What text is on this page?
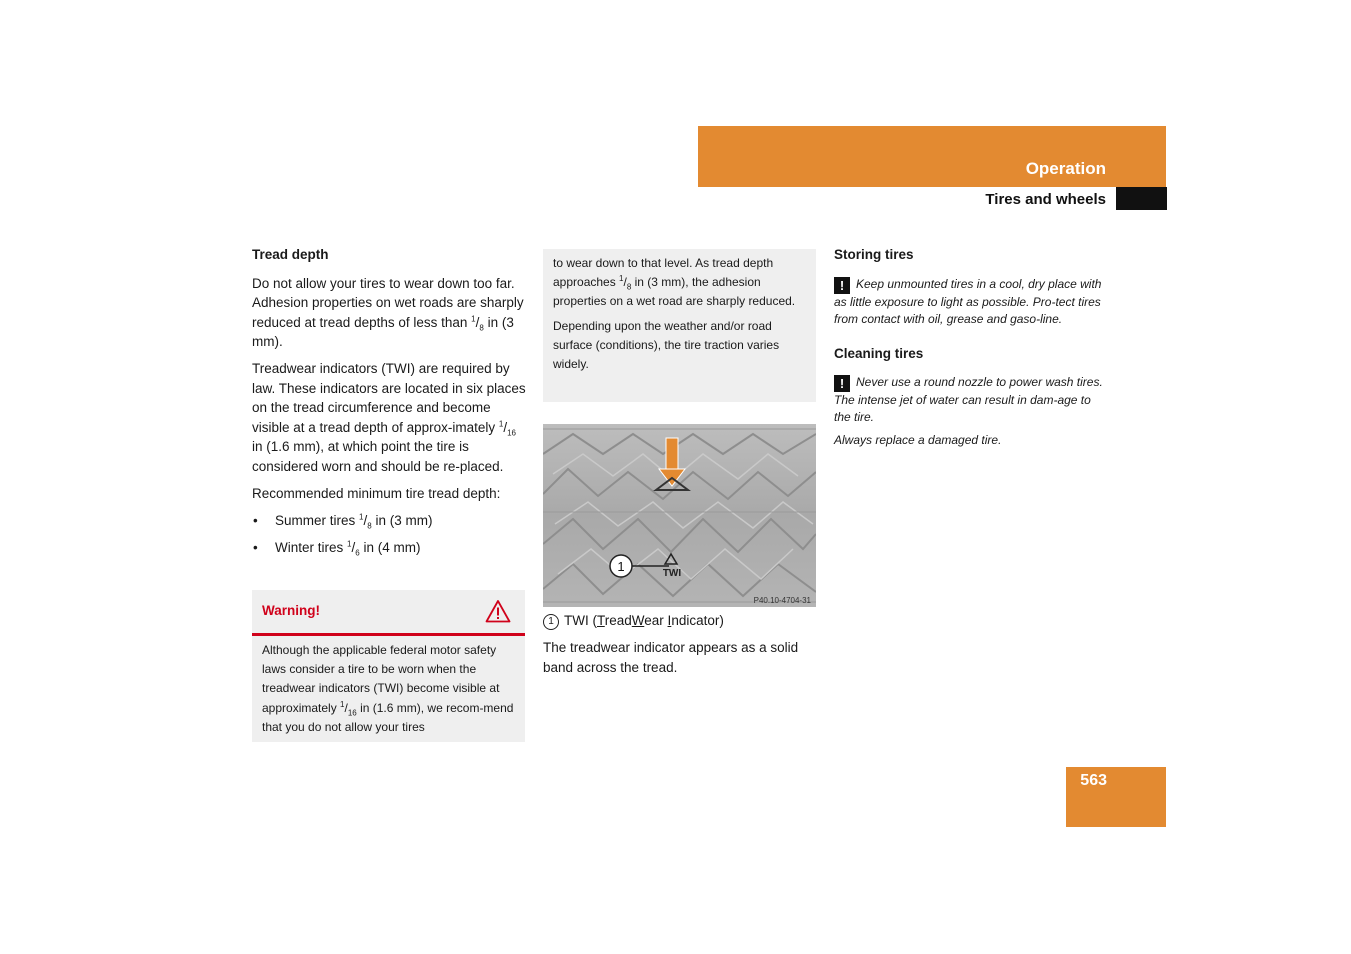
Operation
Tires and wheels

Tread depth

Do not allow your tires to wear down too far. Adhesion properties on wet roads are sharply reduced at tread depths of less than $^1/_8$ in (3 mm).

Treadwear indicators (TWI) are required by law. These indicators are located in six places on the tread circumference and become visible at a tread depth of approx-imately $^1/_{16}$ in (1.6 mm), at which point the tire is considered worn and should be re-placed.

Recommended minimum tire tread depth:

• Summer tires $^1/_8$ in (3 mm)
• Winter tires $^1/_6$ in (4 mm)
Warning!
Although the applicable federal motor safety laws consider a tire to be worn when the treadwear indicators (TWI) become visible at approximately $^1/_{16}$ in (1.6 mm), we recom-mend that you do not allow your tires

to wear down to that level. As tread depth approaches $^1/_8$ in (3 mm), the adhesion properties on a wet road are sharply reduced.

Depending upon the weather and/or road surface (conditions), the tire traction varies widely.

1	TWI
P40.10-4704-31
1 TWI (TreadWear Indicator)
The treadwear indicator appears as a solid band across the tread.

Storing tires

! Keep unmounted tires in a cool, dry place with as little exposure to light as possible. Pro-tect tires from contact with oil, grease and gaso-line.

Cleaning tires

! Never use a round nozzle to power wash tires. The intense jet of water can result in dam-age to the tire.

Always replace a damaged tire.

563
